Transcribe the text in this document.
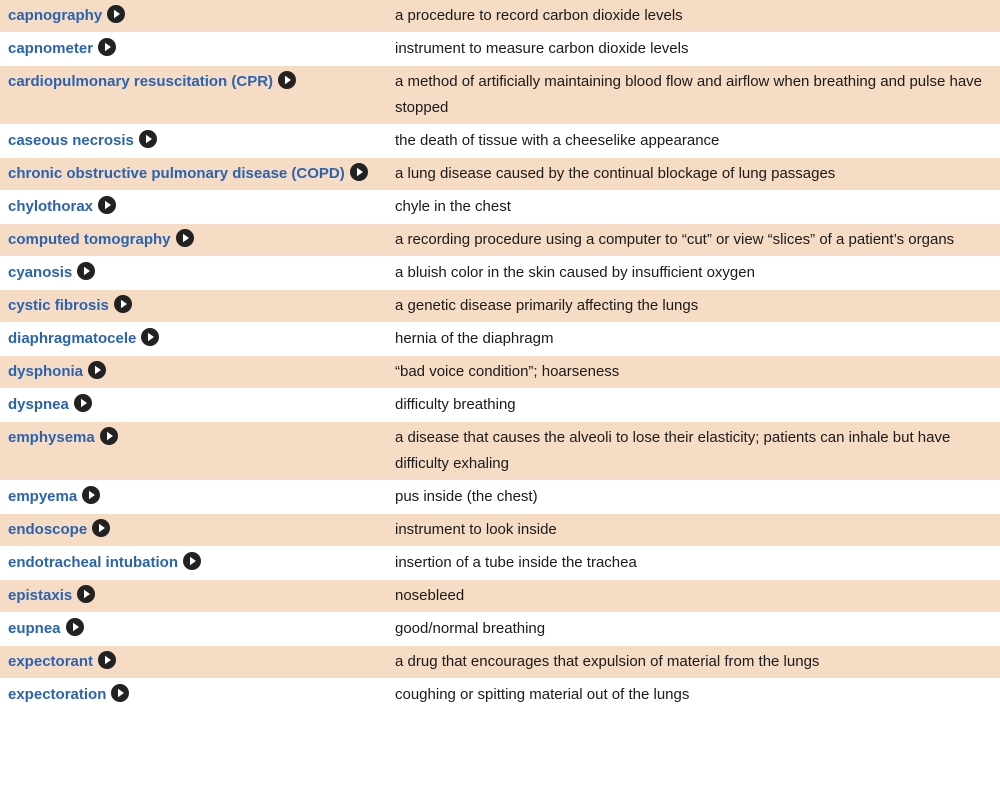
capnography	a procedure to record carbon dioxide levels
capnometer	instrument to measure carbon dioxide levels
cardiopulmonary resuscitation (CPR)	a method of artificially maintaining blood flow and airflow when breathing and pulse have stopped
caseous necrosis	the death of tissue with a cheeselike appearance
chronic obstructive pulmonary disease (COPD)	a lung disease caused by the continual blockage of lung passages
chylothorax	chyle in the chest
computed tomography	a recording procedure using a computer to “cut” or view “slices” of a patient’s organs
cyanosis	a bluish color in the skin caused by insufficient oxygen
cystic fibrosis	a genetic disease primarily affecting the lungs
diaphragmatocele	hernia of the diaphragm
dysphonia	“bad voice condition”; hoarseness
dyspnea	difficulty breathing
emphysema	a disease that causes the alveoli to lose their elasticity; patients can inhale but have difficulty exhaling
empyema	pus inside (the chest)
endoscope	instrument to look inside
endotracheal intubation	insertion of a tube inside the trachea
epistaxis	nosebleed
eupnea	good/normal breathing
expectorant	a drug that encourages that expulsion of material from the lungs
expectoration	coughing or spitting material out of the lungs
